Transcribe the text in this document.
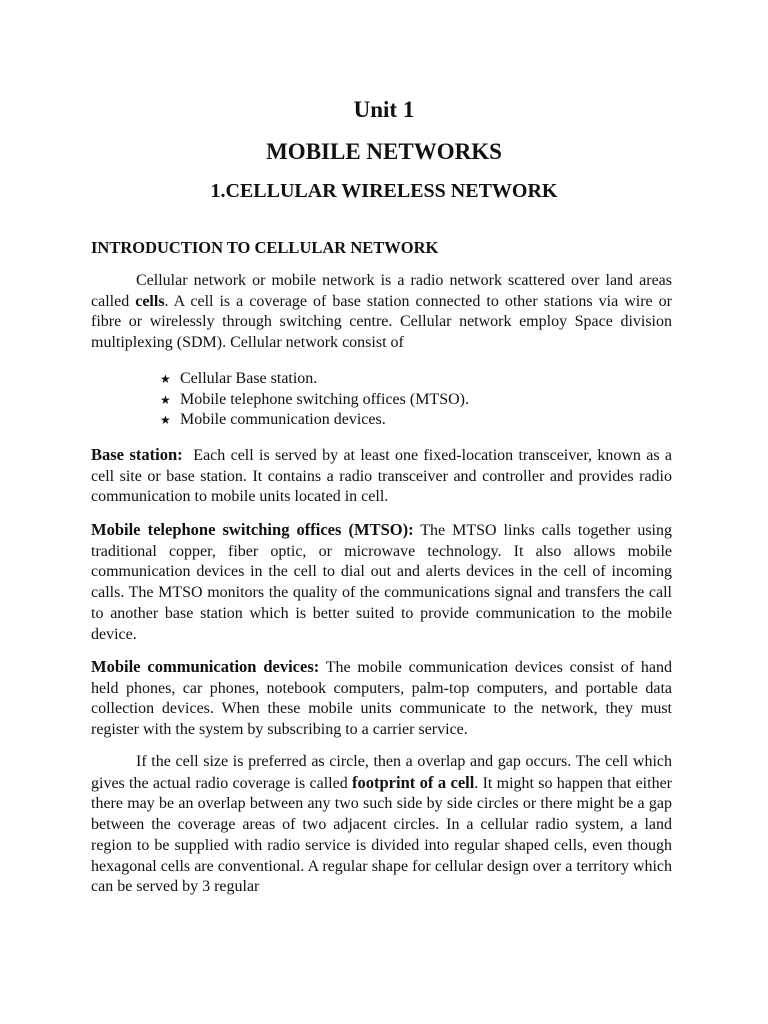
Unit 1
MOBILE NETWORKS
1.CELLULAR WIRELESS NETWORK
INTRODUCTION TO CELLULAR NETWORK

Cellular network or mobile network is a radio network scattered over land areas called cells. A cell is a coverage of base station connected to other stations via wire or fibre or wirelessly through switching centre. Cellular network employ Space division multiplexing (SDM). Cellular network consist of

★ Cellular Base station.
★ Mobile telephone switching offices (MTSO).
★ Mobile communication devices.

Base station: Each cell is served by at least one fixed-location transceiver, known as a cell site or base station. It contains a radio transceiver and controller and provides radio communication to mobile units located in cell.

Mobile telephone switching offices (MTSO): The MTSO links calls together using traditional copper, fiber optic, or microwave technology. It also allows mobile communication devices in the cell to dial out and alerts devices in the cell of incoming calls. The MTSO monitors the quality of the communications signal and transfers the call to another base station which is better suited to provide communication to the mobile device.

Mobile communication devices: The mobile communication devices consist of hand held phones, car phones, notebook computers, palm-top computers, and portable data collection devices. When these mobile units communicate to the network, they must register with the system by subscribing to a carrier service.

If the cell size is preferred as circle, then a overlap and gap occurs. The cell which gives the actual radio coverage is called footprint of a cell. It might so happen that either there may be an overlap between any two such side by side circles or there might be a gap between the coverage areas of two adjacent circles. In a cellular radio system, a land region to be supplied with radio service is divided into regular shaped cells, even though hexagonal cells are conventional. A regular shape for cellular design over a territory which can be served by 3 regular
